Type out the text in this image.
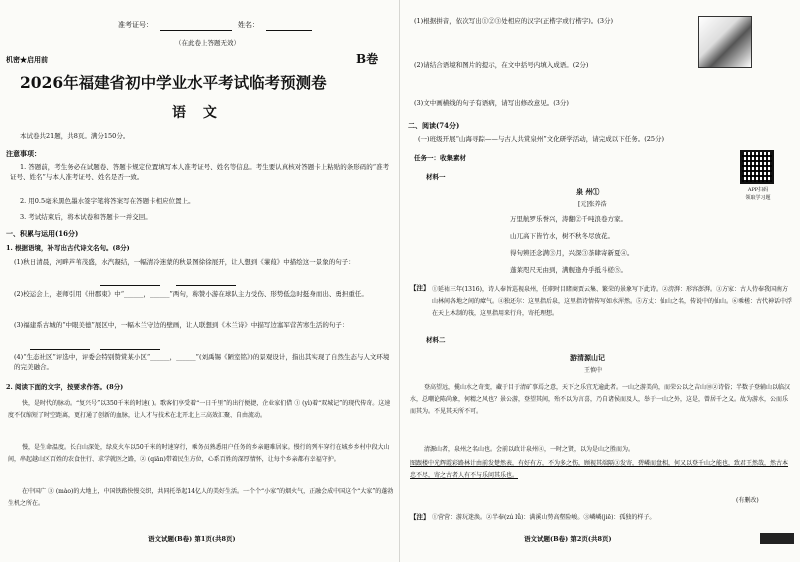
准考证号：	姓名：
（在此卷上答题无效）
机密★启用前	B卷
2026年福建省初中学业水平考试临考预测卷
语 文
本试卷共21题，共8页。满分150分。
注意事项：
1. 答题前，考生务必在试题卷、答题卡规定位置填写本人准考证号、姓名等信息。考生要认真核对答题卡上粘贴的条形码的“准考证号、姓名”与本人准考证号、姓名是否一致。
2. 用0.5毫米黑色墨水签字笔将答案写在答题卡相应位置上。
3. 考试结束后，将本试卷和答题卡一并交回。
一、积累与运用(16分)
1. 根据语境，补写出古代诗文名句。(8分)
(1)秋日清晨，河畔芦苇茂盛，水汽凝结，一幅清冷迷蒙的秋景图徐徐展开，让人想到《蒹葭》中描绘这一景象的句子：
(2)校运会上，老师引用《卅郡東》中“______，______”两句，称赞小游在球队主力受伤、形势低急时挺身而出、勇担重任。
(3)福建系古城的“中眼美德”展区中，一幅木兰守边的壁画，让人联想到《木兰诗》中描写边塞军营苦寒生活的句子：
(4)“生态社区”评选中，评委会特别赞赏某小区“______，______”(刘禹锡《陋室铭》)的景观设计，指出其实现了自然生态与人文环境的完美融合。
2. 阅读下面的文字，按要求作答。(8分)
快，是时代的脉动。“复兴号”以350千米的时速( )。歌客们享受着“一日千里”的出行便捷，企业家们借 ① (yì)着“双城记”的现代传奇。这速度不仅缩短了时空距离，更打通了创新的血脉，让人才与技术在北开北上三高效汇聚、自由流动。
慢，是生命温度。长白山深处，绿皮火车以50千米的时速穿行，乘务员熟悉用户任务的乡亲避难居家。慢行的列车穿行在城乡乡村中段大山间，串起越山区百姓的农食住行、求学就医之路，② (qiān)带着民生方位，心系百姓的深厚情怀，让每个乡亲都有幸福守护。
在中国广 ③ (mào)的大地上，中国铁路快慢交织，共同托举起14亿人的美好生活。一个个“小家”的烟火气，正融会成中国这个“大家”的蓬勃生机之所在。
语文试题(B卷) 第1页(共8页)
(1)根据拼音，依次写出①②③处相应的汉字(正楷字或行楷字)。(3分)
(2)请结合语境和图片的提示，在文中括号内填入成语。(2分)
(3)文中画横线的句子有语病，请写出修改意见。(3分)
二、阅读(74分)
(一)班级开展“山海寻踪——与古人共赏泉州”文化研学活动，请完成以下任务。(25分)
任务一：收集素材
APP扫码
领取学习题
材料一
泉 州①
[元]张养浩
万里航罗乐誉兴，涛翻②千吨浪卷方家。
山兀高下皆竹水，树不秋冬尽放花。
得句辨还念满③月，兴深③茶肆寄新夏④。
蓬莱咫尺无由到，满舰逢舟乎抵斗槎⑤。
【注】 ①延祐三年(1316)，诗人奉旨巡视泉州，任职时目睹商贾云集、繁荣的景象写下此诗。②滂湃：形容澎湃。③方家：古人侍奉我国南方山林间各地之间的瘴气。④独还尔：这里指后泉，这里指诗情传写如水浑然。⑤方丈：仙山之名，传说中的仙山。⑥乘槎：古代神话中浮在天上木制的筏，这里指用来行舟，寄托理想。
材料二
游清源山记
王慎中
登高望远，揽山水之奇变，藏于目于清矿事焉之意，天下之乐宜无逾此者。一山之游美尚，而荣公以之吉山⑩②诗俗；半数子登辅山以临汉水，总嘲论陈尚象，何精之风也？景公游，登望其间，殆不以为言喜，乃自诸侯而及人，举于一山之外，这是，曾居千之义。故为游水，公而乐而其为。不见其天所不可。
清源山者，泉州之名山也。会前以政计泉州④，一时之贤，以为是山之胜而为。
图跟楼中光辉霞彩路林计由前发楚然表，有好有方，不为多之伤，顾视其端隔③发寄，碧嶙而盘相，何又以登千山之能也，致君王然哉，然古本忠不尽，寄之古者人有不与乐问其乐也。
(有删改)
【注】 ①营营：游玩迷涣。②半奉(zú lǚ)：满溪山势高壑险峻。③嶙嶙(jiē)：孤独的样子。
语文试题(B卷) 第2页(共8页)
